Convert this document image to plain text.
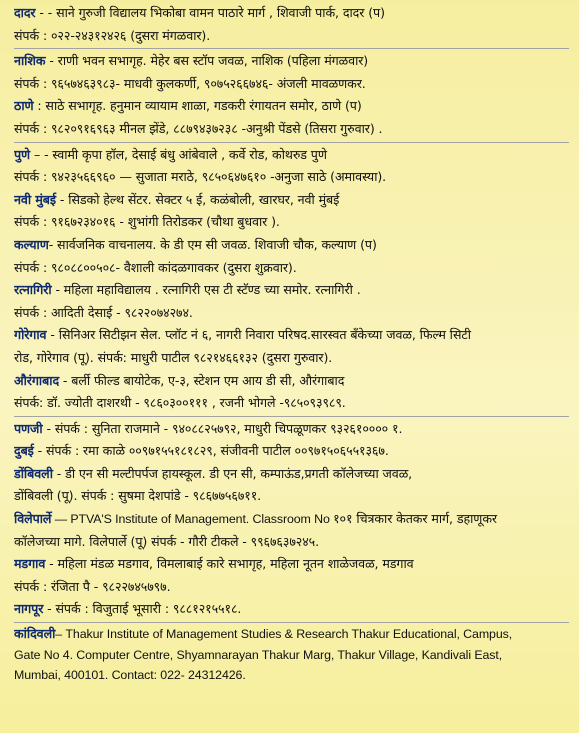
दादर - - साने गुरुजी विद्यालय भिकोबा वामन पाठारे मार्ग , शिवाजी पार्क, दादर (प)
संपर्क : ०२२-२४३१२४२६ (दुसरा मंगळवार).
नाशिक - राणी भवन सभागृह. मेहेर बस स्टॉप जवळ, नाशिक (पहिला मंगळवार)
संपर्क : ९६५७४६३९८३- माधवी कुलकर्णी, ९०७५२६६७४६- अंजली मावळणकर.
ठाणे : साठे सभागृह. हनुमान व्यायाम शाळा, गडकरी रंगायतन समोर, ठाणे (प)
संपर्क : ९८२०९१६९६३ मीनल झेंडे, ८८७९४३७२३८ -अनुश्री पेंडसे (तिसरा गुरुवार) .
पुणे – - स्वामी कृपा हॉल, देसाई बंधु आंबेवाले , कर्वे रोड, कोथरुड पुणे
संपर्क : ९४२३५६६९६० — सुजाता मराठे, ९८५०६४७६१० -अनुजा साठे (अमावस्या).
नवी मुंबई - सिडको हेल्थ सेंटर. सेक्टर ५ ई, कळंबोली, खारघर, नवी मुंबई
संपर्क : ९१६७२३४०१६ - शुभांगी तिरोडकर (चौथा बुधवार ).
कल्याण- सार्वजनिक वाचनालय. के डी एम सी जवळ. शिवाजी चौक, कल्याण (प)
संपर्क : ९८०८८००५०८- वैशाली कांदळगावकर (दुसरा शुक्रवार).
रत्नागिरी - महिला महाविद्यालय . रत्नागिरी एस टी स्टॅण्ड च्या समोर. रत्नागिरी .
संपर्क : आदिती देसाई - ९८२२०७४२७४.
गोरेगाव - सिनिअर सिटीझन सेल. प्लॉट नं ६, नागरी निवारा परिषद.सारस्वत बँकेच्या जवळ, फिल्म सिटी
रोड, गोरेगाव (पू). संपर्क: माधुरी पाटील ९८२१४६६१३२ (दुसरा गुरुवार).
औरंगाबाद - बर्ली फील्ड बायोटेक, ए-३, स्टेशन एम आय डी सी, औरंगाबाद
संपर्क: डॉ. ज्योती दाशरथी - ९८६०३००१११ , रजनी भोगले -९८५०९३९८९.
पणजी - संपर्क : सुनिता राजमाने - ९४०८८२५७९२, माधुरी चिपळूणकर ९३२६१०००० १.
दुबई - संपर्क : रमा काळे ००९७१५५१८१८२९, संजीवनी पाटील ००९७१५०६५५१३६७.
डोंबिवली - डी एन सी मल्टीपर्पज हायस्कूल. डी एन सी, कम्पाऊंड,प्रगती कॉलेजच्या जवळ,
डोंबिवली (पू). संपर्क : सुषमा देशपांडे - ९८६७७५६७११.
विलेपार्ले — PTVA'S Institute of Management. Classroom No १०१ चित्रकार केतकर मार्ग, डहाणूकर
कॉलेजच्या मागे. विलेपार्ले (पू) संपर्क - गौरी टीकले - ९९६७६३७२४५.
मडगाव - महिला मंडळ मडगाव, विमलाबाई कारे सभागृह, महिला नूतन शाळेजवळ, मडगाव
संपर्क : रंजिता पै - ९८२२७४५७९७.
नागपूर - संपर्क : विजुताई भूसारी : ९८८१२१५५१८.
कांदिवली– Thakur Institute of Management Studies & Research Thakur Educational, Campus,
Gate No 4. Computer Centre, Shyamnarayan Thakur Marg, Thakur Village, Kandivali East,
Mumbai, 400101. Contact: 022- 24312426.
